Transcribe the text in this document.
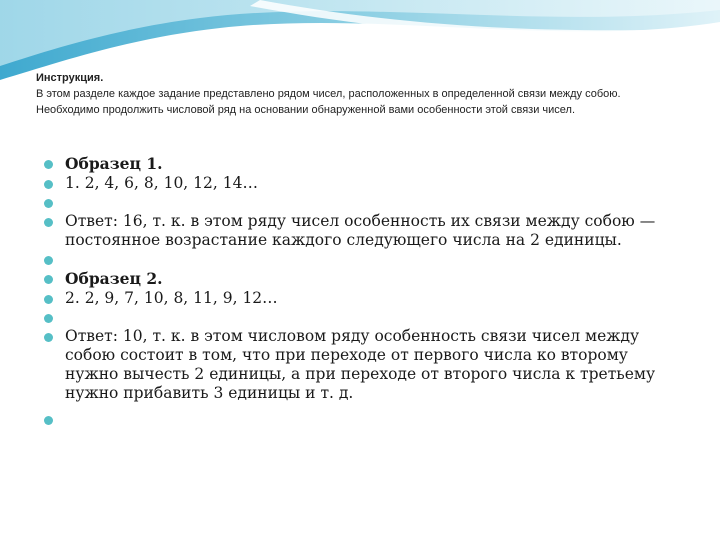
Инструкция.
В этом разделе каждое задание представлено рядом чисел, расположенных в определенной связи между собою. Необходимо продолжить числовой ряд на основании обнаруженной вами особенности этой связи чисел.
Образец 1.
1. 2, 4, 6, 8, 10, 12, 14…
Ответ: 16, т. к. в этом ряду чисел особенность их связи между собою — постоянное возрастание каждого следующего числа на 2 единицы.
Образец 2.
2. 2, 9, 7, 10, 8, 11, 9, 12…
Ответ: 10, т. к. в этом числовом ряду особенность связи чисел между собою состоит в том, что при переходе от первого числа ко второму нужно вычесть 2 единицы, а при переходе от второго числа к третьему нужно прибавить 3 единицы и т. д.
